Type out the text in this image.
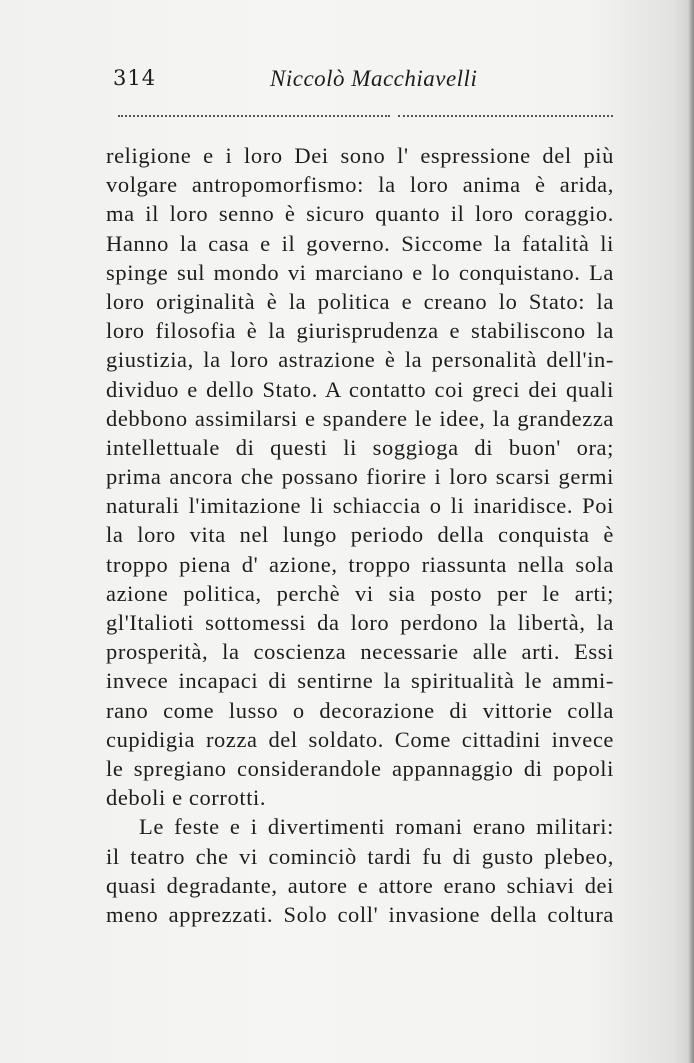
314	Niccolò Macchiavelli
religione e i loro Dei sono l' espressione del più
volgare antropomorfismo: la loro anima è arida,
ma il loro senno è sicuro quanto il loro coraggio.
Hanno la casa e il governo. Siccome la fatalità li
spinge sul mondo vi marciano e lo conquistano. La
loro originalità è la politica e creano lo Stato: la
loro filosofia è la giurisprudenza e stabiliscono la
giustizia, la loro astrazione è la personalità dell'in-
dividuo e dello Stato. A contatto coi greci dei quali
debbono assimilarsi e spandere le idee, la grandezza
intellettuale di questi li soggioga di buon' ora;
prima ancora che possano fiorire i loro scarsi germi
naturali l'imitazione li schiaccia o li inaridisce. Poi
la loro vita nel lungo periodo della conquista è
troppo piena d' azione, troppo riassunta nella sola
azione politica, perchè vi sia posto per le arti;
gl'Italioti sottomessi da loro perdono la libertà, la
prosperità, la coscienza necessarie alle arti. Essi
invece incapaci di sentirne la spiritualità le ammi-
rano come lusso o decorazione di vittorie colla
cupidigia rozza del soldato. Come cittadini invece
le spregiano considerandole appannaggio di popoli
deboli e corrotti.
Le feste e i divertimenti romani erano militari:
il teatro che vi cominciò tardi fu di gusto plebeo,
quasi degradante, autore e attore erano schiavi dei
meno apprezzati. Solo coll' invasione della coltura
